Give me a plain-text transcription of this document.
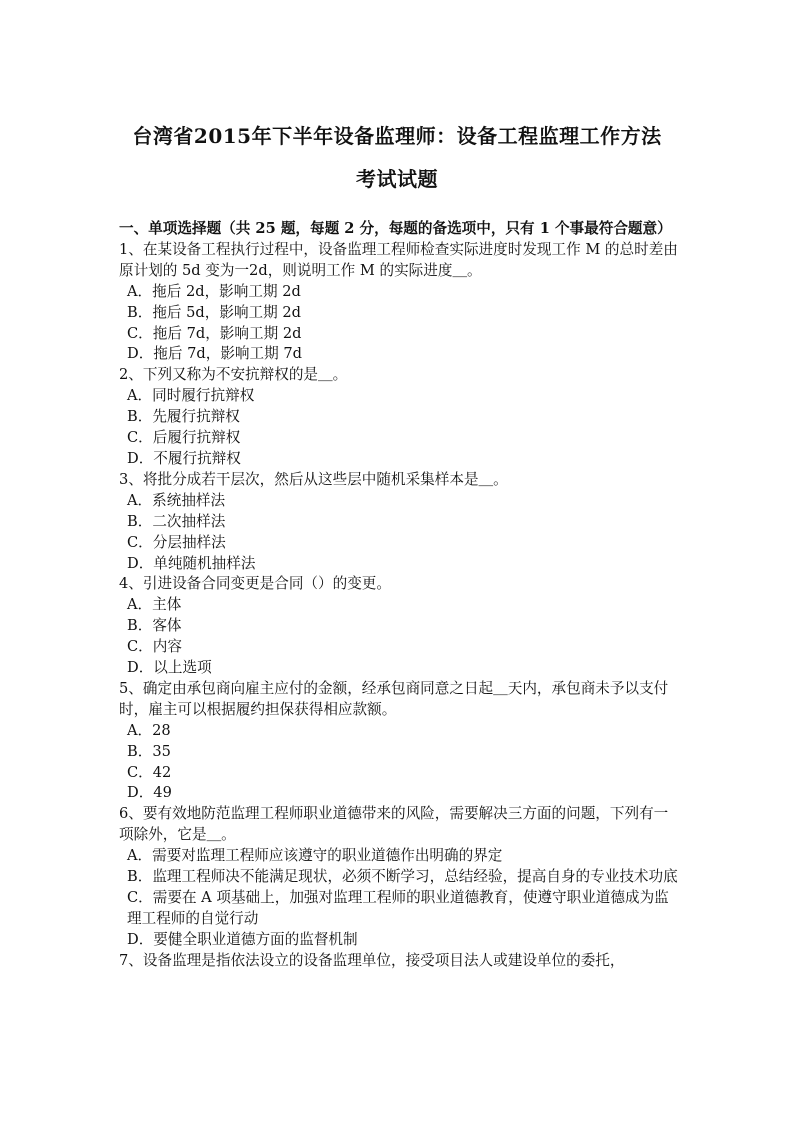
台湾省2015年下半年设备监理师：设备工程监理工作方法
考试试题

一、单项选择题（共 25 题，每题 2 分，每题的备选项中，只有 1 个事最符合题意）

1、在某设备工程执行过程中，设备监理工程师检查实际进度时发现工作 M 的总时差由原计划的 5d 变为一2d，则说明工作 M 的实际进度＿。

A．拖后 2d，影响工期 2d

B．拖后 5d，影响工期 2d

C．拖后 7d，影响工期 2d

D．拖后 7d，影响工期 7d

2、下列又称为不安抗辩权的是＿。

A．同时履行抗辩权

B．先履行抗辩权

C．后履行抗辩权

D．不履行抗辩权

3、将批分成若干层次，然后从这些层中随机采集样本是＿。

A．系统抽样法

B．二次抽样法

C．分层抽样法

D．单纯随机抽样法

4、引进设备合同变更是合同（）的变更。

A．主体

B．客体

C．内容

D．以上选项

5、确定由承包商向雇主应付的金额，经承包商同意之日起＿天内，承包商未予以支付时，雇主可以根据履约担保获得相应款额。

A．28

B．35

C．42

D．49

6、要有效地防范监理工程师职业道德带来的风险，需要解决三方面的问题，下列有一项除外，它是＿。

A．需要对监理工程师应该遵守的职业道德作出明确的界定

B．监理工程师决不能满足现状，必须不断学习，总结经验，提高自身的专业技术功底

C．需要在 A 项基础上，加强对监理工程师的职业道德教育，使遵守职业道德成为监理工程师的自觉行动

D．要健全职业道德方面的监督机制

7、设备监理是指依法设立的设备监理单位，接受项目法人或建设单位的委托，
